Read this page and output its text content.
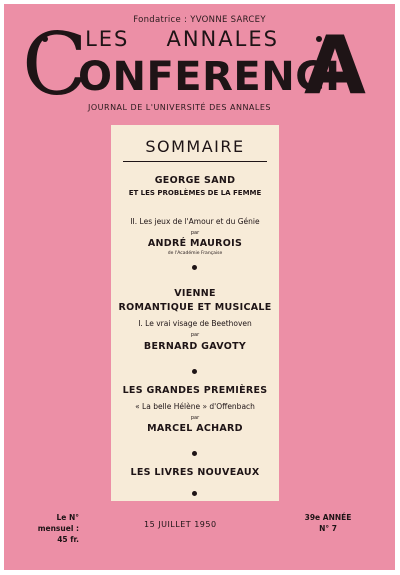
Fondatrice : YVONNE SARCEY
LES ANNALES
C
ONFERENCI
A
JOURNAL DE L'UNIVERSITÉ DES ANNALES
SOMMAIRE
GEORGE SAND
ET LES PROBLÈMES DE LA FEMME
II. Les jeux de l'Amour et du Génie
par
ANDRÉ MAUROIS
de l'Académie Française
VIENNE
ROMANTIQUE ET MUSICALE
I. Le vrai visage de Beethoven
par
BERNARD GAVOTY
LES GRANDES PREMIÈRES
« La belle Hélène » d'Offenbach
par
MARCEL ACHARD
LES LIVRES NOUVEAUX
Le N° mensuel :
45 fr.
15 JUILLET 1950
39e ANNÉE
N° 7
